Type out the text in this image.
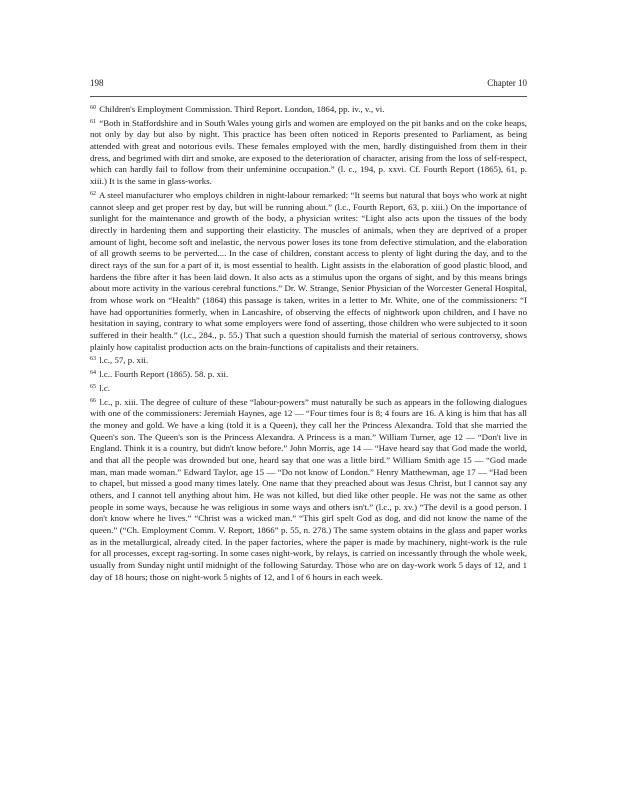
198	Chapter 10

$^{60}$ Children's Employment Commission. Third Report. London, 1864, pp. iv., v., vi.

$^{61}$ “Both in Staffordshire and in South Wales young girls and women are employed on the pit banks and on the coke heaps, not only by day but also by night. This practice has been often noticed in Reports presented to Parliament, as being attended with great and notorious evils. These females employed with the men, hardly distinguished from them in their dress, and begrimed with dirt and smoke, are exposed to the deterioration of character, arising from the loss of self-respect, which can hardly fail to follow from their unfeminine occupation.” (l. c., 194, p. xxvi. Cf. Fourth Report (1865), 61, p. xiii.) It is the same in glass-works.

$^{62}$ A steel manufacturer who employs children in night-labour remarked: “It seems but natural that boys who work at night cannot sleep and get proper rest by day, but will be running about.” (l.c., Fourth Report, 63, p. xiii.) On the importance of sunlight for the maintenance and growth of the body, a physician writes: “Light also acts upon the tissues of the body directly in hardening them and supporting their elasticity. The muscles of animals, when they are deprived of a proper amount of light, become soft and inelastic, the nervous power loses its tone from defective stimulation, and the elaboration of all growth seems to be perverted.... In the case of children, constant access to plenty of light during the day, and to the direct rays of the sun for a part of it, is most essential to health. Light assists in the elaboration of good plastic blood, and hardens the fibre after it has been laid down. It also acts as a stimulus upon the organs of sight, and by this means brings about more activity in the various cerebral functions.” Dr. W. Strange, Senior Physician of the Worcester General Hospital, from whose work on “Health” (1864) this passage is taken, writes in a letter to Mr. White, one of the commissioners: “I have had opportunities formerly, when in Lancashire, of observing the effects of nightwork upon children, and I have no hesitation in saying, contrary to what some employers were fond of asserting, those children who were subjected to it soon suffered in their health.” (l.c., 284., p. 55.) That such a question should furnish the material of serious controversy, shows plainly how capitalist production acts on the brain-functions of capitalists and their retainers.

$^{63}$ l.c., 57, p. xii.

$^{64}$ l.c.. Fourth Report (1865). 58. p. xii.

$^{65}$ l.c.

$^{66}$ l.c., p. xiii. The degree of culture of these “labour-powers” must naturally be such as appears in the following dialogues with one of the commissioners: Jeremiah Haynes, age 12 — “Four times four is 8; 4 fours are 16. A king is him that has all the money and gold. We have a king (told it is a Queen), they call her the Princess Alexandra. Told that she married the Queen's son. The Queen's son is the Princess Alexandra. A Princess is a man.” William Turner, age 12 — “Don't live in England. Think it is a country, but didn't know before.” John Morris, age 14 — “Have heard say that God made the world, and that all the people was drownded but one, heard say that one was a little bird.” William Smith age 15 — “God made man, man made woman.” Edward Taylor, age 15 — “Do not know of London.” Henry Matthewman, age 17 — “Had been to chapel, but missed a good many times lately. One name that they preached about was Jesus Christ, but I cannot say any others, and I cannot tell anything about him. He was not killed, but died like other people. He was not the same as other people in some ways, because he was religious in some ways and others isn't.” (l.c., p. xv.) “The devil is a good person. I don't know where he lives.” “Christ was a wicked man.” “This girl spelt God as dog, and did not know the name of the queen.” (“Ch. Employment Comm. V. Report, 1866” p. 55, n. 278.) The same system obtains in the glass and paper works as in the metallurgical, already cited. In the paper factories, where the paper is made by machinery, night-work is the rule for all processes, except rag-sorting. In some cases night-work, by relays, is carried on incessantly through the whole week, usually from Sunday night until midnight of the following Saturday. Those who are on day-work work 5 days of 12, and 1 day of 18 hours; those on night-work 5 nights of 12, and l of 6 hours in each week.
